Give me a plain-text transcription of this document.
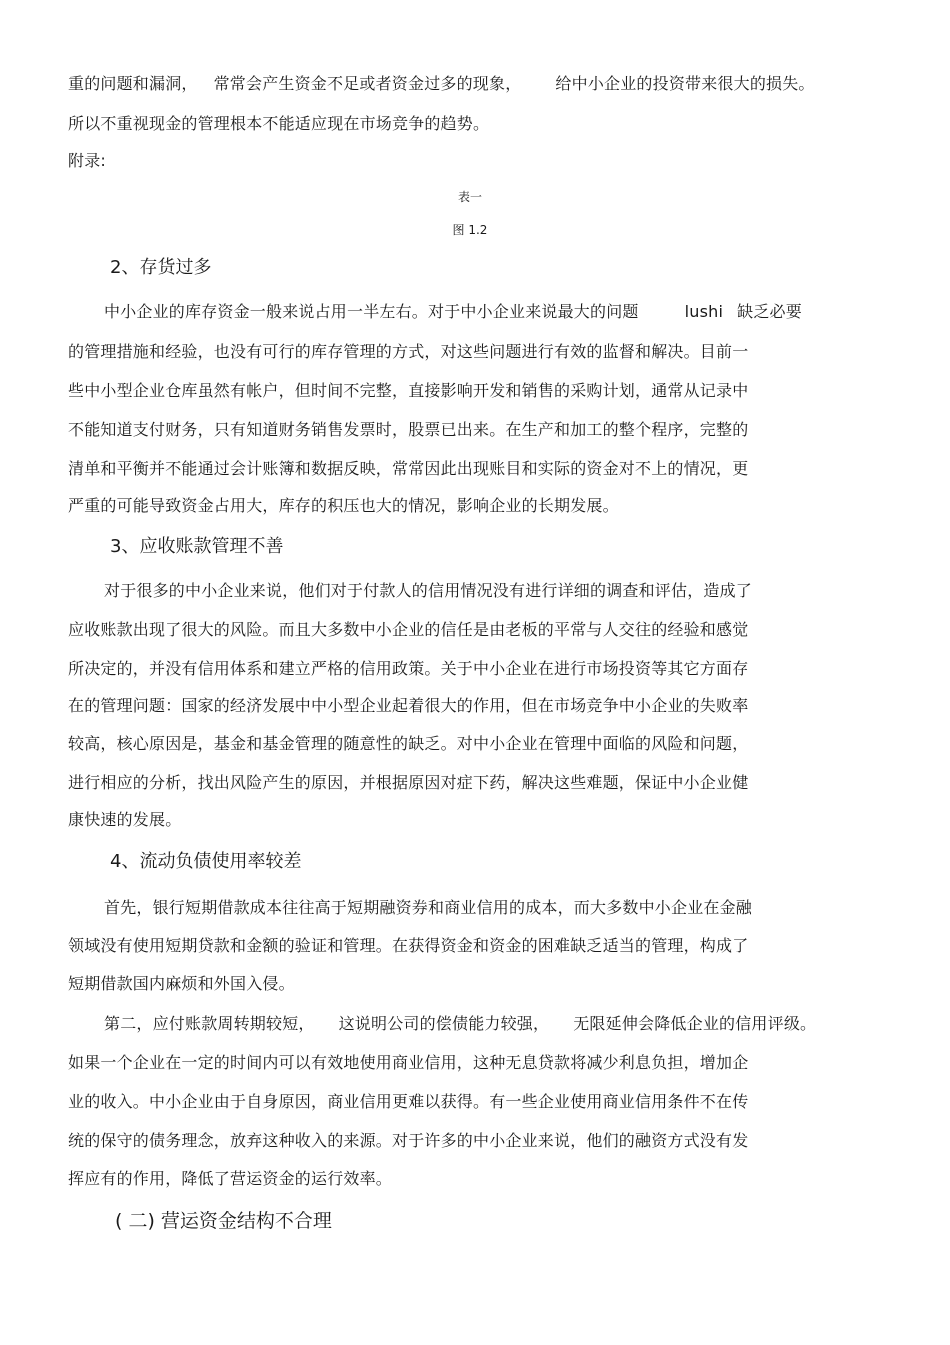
重的问题和漏洞， 常常会产生资金不足或者资金过多的现象， 给中小企业的投资带来很大的损失。
所以不重视现金的管理根本不能适应现在市场竞争的趋势。
附录:
表一
图 1.2
2、存货过多
中小企业的库存资金一般来说占用一半左右。对于中小企业来说最大的问题	lushi 缺乏必要
的管理措施和经验，也没有可行的库存管理的方式，对这些问题进行有效的监督和解决。目前一
些中小型企业仓库虽然有帐户，但时间不完整，直接影响开发和销售的采购计划，通常从记录中
不能知道支付财务，只有知道财务销售发票时，股票已出来。在生产和加工的整个程序，完整的
清单和平衡并不能通过会计账簿和数据反映，常常因此出现账目和实际的资金对不上的情况，更
严重的可能导致资金占用大，库存的积压也大的情况，影响企业的长期发展。
3、应收账款管理不善
对于很多的中小企业来说，他们对于付款人的信用情况没有进行详细的调查和评估，造成了
应收账款出现了很大的风险。而且大多数中小企业的信任是由老板的平常与人交往的经验和感觉
所决定的，并没有信用体系和建立严格的信用政策。关于中小企业在进行市场投资等其它方面存
在的管理问题：国家的经济发展中中小型企业起着很大的作用，但在市场竞争中小企业的失败率
较高，核心原因是，基金和基金管理的随意性的缺乏。对中小企业在管理中面临的风险和问题，
进行相应的分析，找出风险产生的原因，并根据原因对症下药，解决这些难题，保证中小企业健
康快速的发展。
4、流动负债使用率较差
首先，银行短期借款成本往往高于短期融资券和商业信用的成本，而大多数中小企业在金融
领域没有使用短期贷款和金额的验证和管理。在获得资金和资金的困难缺乏适当的管理，构成了
短期借款国内麻烦和外国入侵。
第二，应付账款周转期较短， 这说明公司的偿债能力较强， 无限延伸会降低企业的信用评级。
如果一个企业在一定的时间内可以有效地使用商业信用，这种无息贷款将减少利息负担，增加企
业的收入。中小企业由于自身原因，商业信用更难以获得。有一些企业使用商业信用条件不在传
统的保守的债务理念，放弃这种收入的来源。对于许多的中小企业来说，他们的融资方式没有发
挥应有的作用，降低了营运资金的运行效率。
( 二) 营运资金结构不合理
